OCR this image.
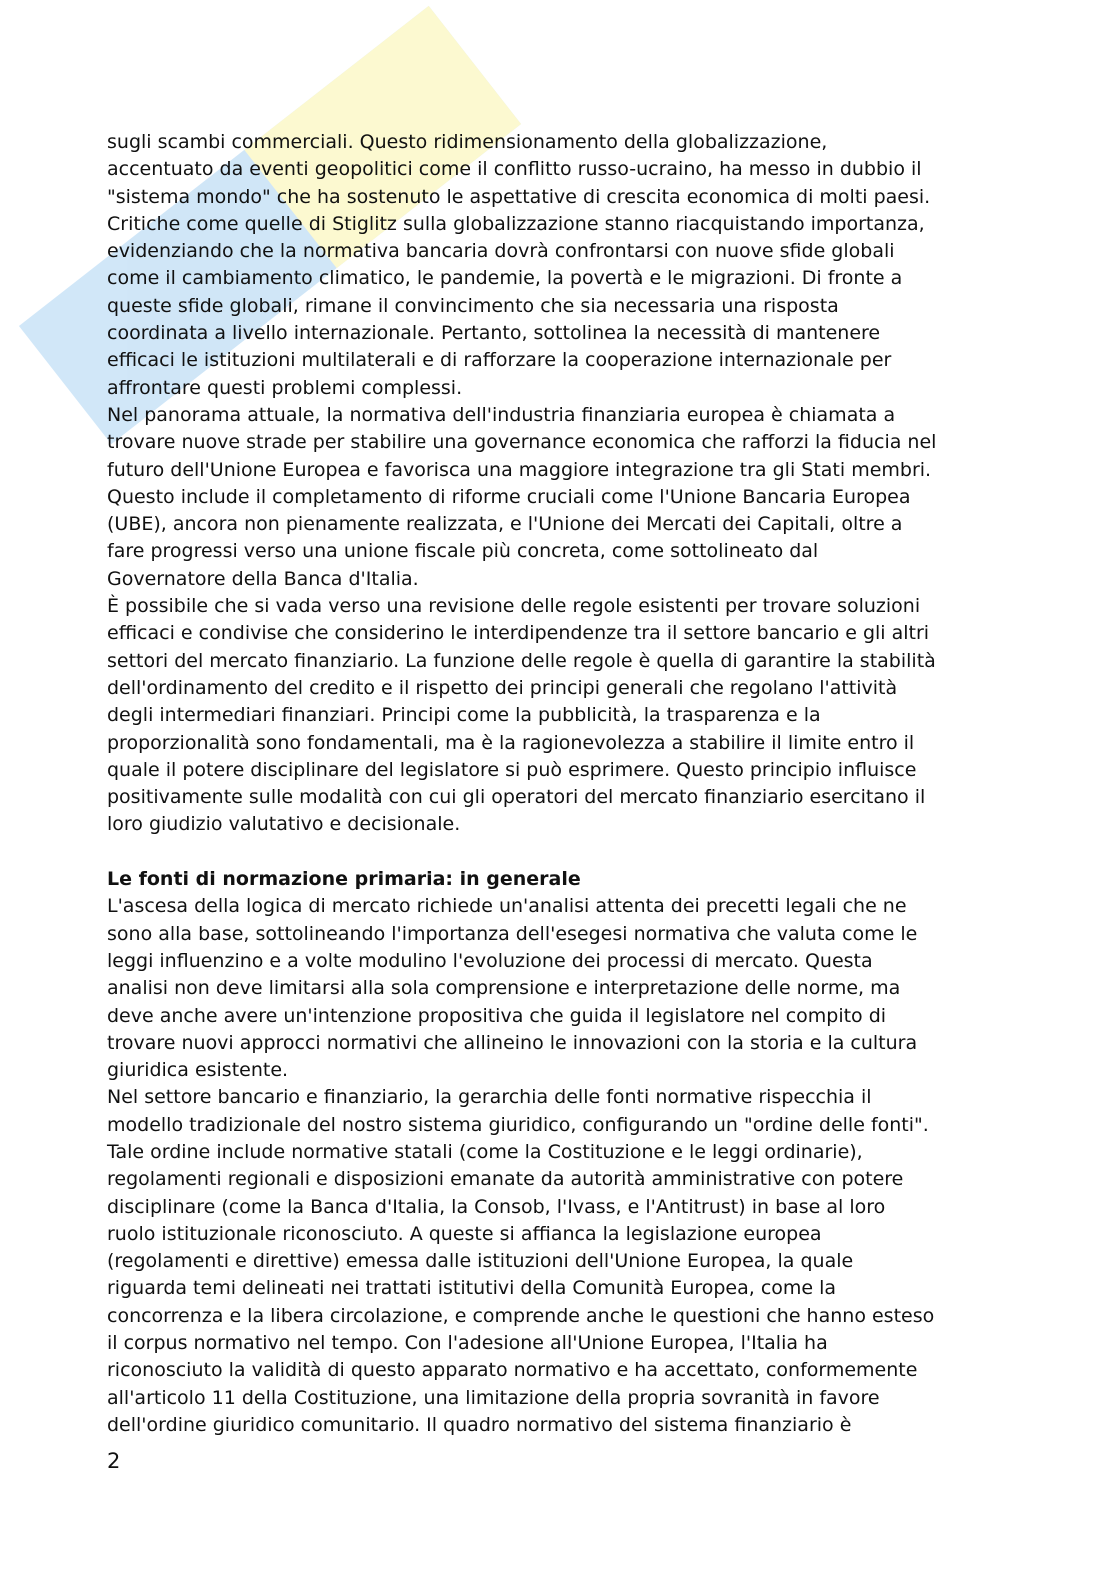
sugli scambi commerciali. Questo ridimensionamento della globalizzazione,
accentuato da eventi geopolitici come il conflitto russo-ucraino, ha messo in dubbio il
"sistema mondo" che ha sostenuto le aspettative di crescita economica di molti paesi.
Critiche come quelle di Stiglitz sulla globalizzazione stanno riacquistando importanza,
evidenziando che la normativa bancaria dovrà confrontarsi con nuove sfide globali
come il cambiamento climatico, le pandemie, la povertà e le migrazioni. Di fronte a
queste sfide globali, rimane il convincimento che sia necessaria una risposta
coordinata a livello internazionale. Pertanto, sottolinea la necessità di mantenere
efficaci le istituzioni multilaterali e di rafforzare la cooperazione internazionale per
affrontare questi problemi complessi.
Nel panorama attuale, la normativa dell'industria finanziaria europea è chiamata a
trovare nuove strade per stabilire una governance economica che rafforzi la fiducia nel
futuro dell'Unione Europea e favorisca una maggiore integrazione tra gli Stati membri.
Questo include il completamento di riforme cruciali come l'Unione Bancaria Europea
(UBE), ancora non pienamente realizzata, e l'Unione dei Mercati dei Capitali, oltre a
fare progressi verso una unione fiscale più concreta, come sottolineato dal
Governatore della Banca d'Italia.
È possibile che si vada verso una revisione delle regole esistenti per trovare soluzioni
efficaci e condivise che considerino le interdipendenze tra il settore bancario e gli altri
settori del mercato finanziario. La funzione delle regole è quella di garantire la stabilità
dell'ordinamento del credito e il rispetto dei principi generali che regolano l'attività
degli intermediari finanziari. Principi come la pubblicità, la trasparenza e la
proporzionalità sono fondamentali, ma è la ragionevolezza a stabilire il limite entro il
quale il potere disciplinare del legislatore si può esprimere. Questo principio influisce
positivamente sulle modalità con cui gli operatori del mercato finanziario esercitano il
loro giudizio valutativo e decisionale.
Le fonti di normazione primaria: in generale
L'ascesa della logica di mercato richiede un'analisi attenta dei precetti legali che ne
sono alla base, sottolineando l'importanza dell'esegesi normativa che valuta come le
leggi influenzino e a volte modulino l'evoluzione dei processi di mercato. Questa
analisi non deve limitarsi alla sola comprensione e interpretazione delle norme, ma
deve anche avere un'intenzione propositiva che guida il legislatore nel compito di
trovare nuovi approcci normativi che allineino le innovazioni con la storia e la cultura
giuridica esistente.
Nel settore bancario e finanziario, la gerarchia delle fonti normative rispecchia il
modello tradizionale del nostro sistema giuridico, configurando un "ordine delle fonti".
Tale ordine include normative statali (come la Costituzione e le leggi ordinarie),
regolamenti regionali e disposizioni emanate da autorità amministrative con potere
disciplinare (come la Banca d'Italia, la Consob, l'Ivass, e l'Antitrust) in base al loro
ruolo istituzionale riconosciuto. A queste si affianca la legislazione europea
(regolamenti e direttive) emessa dalle istituzioni dell'Unione Europea, la quale
riguarda temi delineati nei trattati istitutivi della Comunità Europea, come la
concorrenza e la libera circolazione, e comprende anche le questioni che hanno esteso
il corpus normativo nel tempo. Con l'adesione all'Unione Europea, l'Italia ha
riconosciuto la validità di questo apparato normativo e ha accettato, conformemente
all'articolo 11 della Costituzione, una limitazione della propria sovranità in favore
dell'ordine giuridico comunitario. Il quadro normativo del sistema finanziario è
2
